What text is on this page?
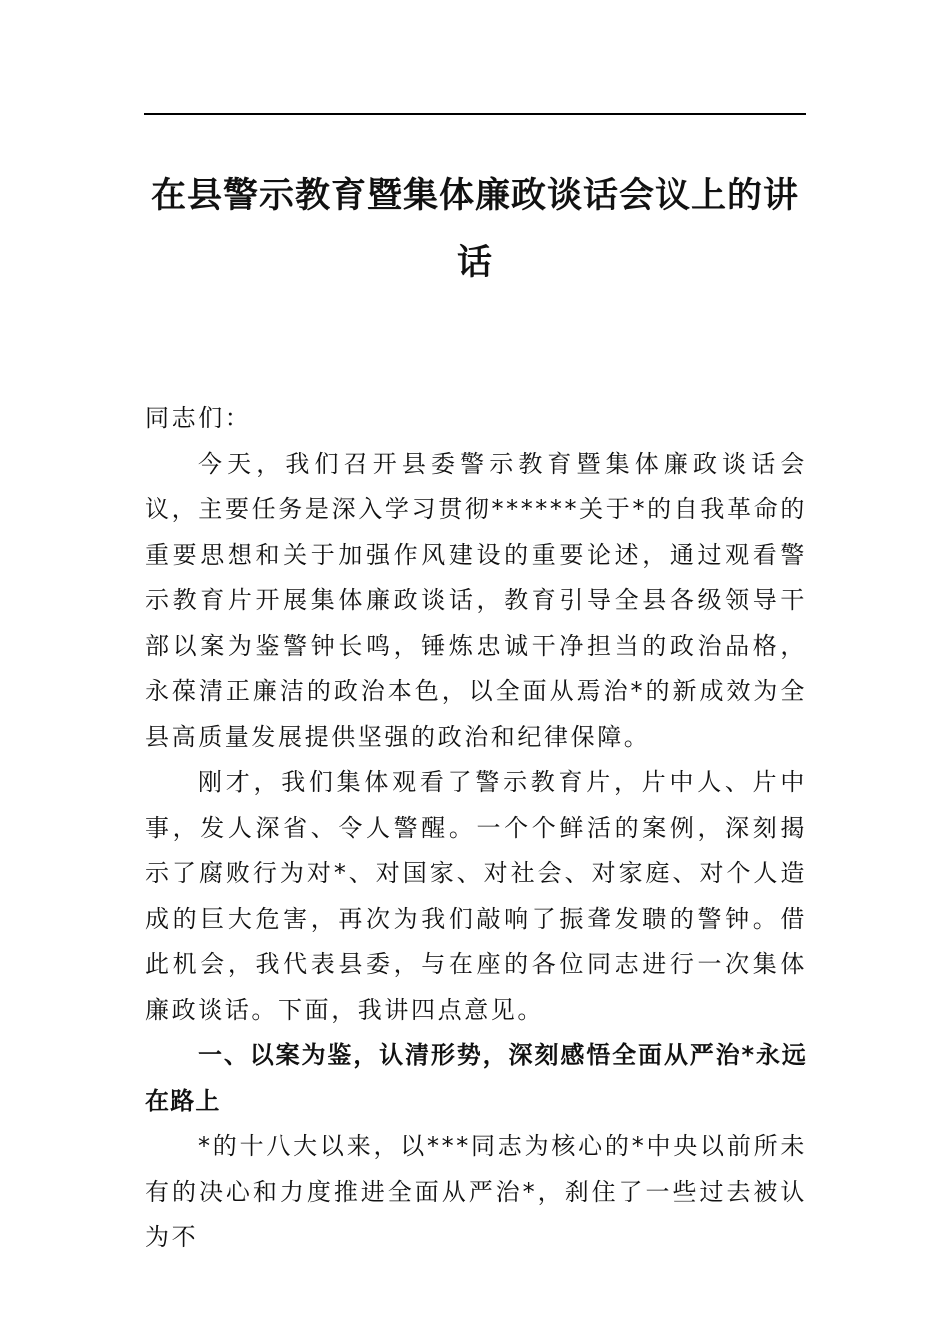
在县警示教育暨集体廉政谈话会议上的讲话

同志们：

今天，我们召开县委警示教育暨集体廉政谈话会议，主要任务是深入学习贯彻******关于*的自我革命的重要思想和关于加强作风建设的重要论述，通过观看警示教育片开展集体廉政谈话，教育引导全县各级领导干部以案为鉴警钟长鸣，锤炼忠诚干净担当的政治品格，永葆清正廉洁的政治本色，以全面从焉治*的新成效为全县高质量发展提供坚强的政治和纪律保障。

刚才，我们集体观看了警示教育片，片中人、片中事，发人深省、令人警醒。一个个鲜活的案例，深刻揭示了腐败行为对*、对国家、对社会、对家庭、对个人造成的巨大危害，再次为我们敲响了振聋发聩的警钟。借此机会，我代表县委，与在座的各位同志进行一次集体廉政谈话。下面，我讲四点意见。

一、以案为鉴，认清形势，深刻感悟全面从严治*永远在路上

*的十八大以来，以***同志为核心的*中央以前所未有的决心和力度推进全面从严治*，刹住了一些过去被认为不
